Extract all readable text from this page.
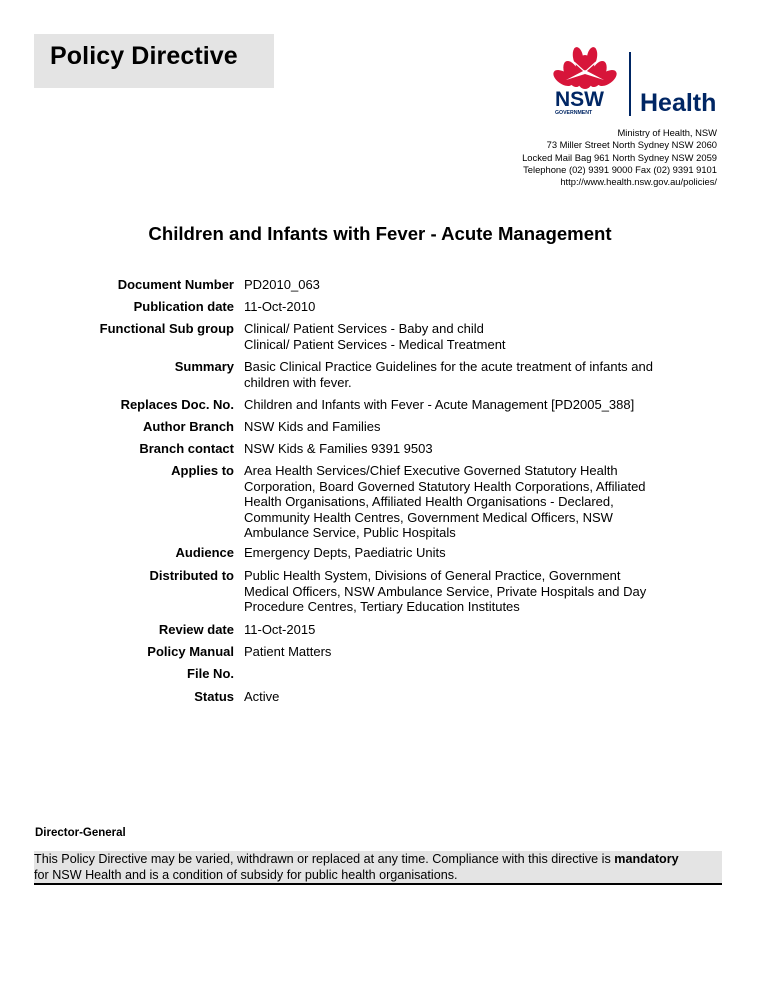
Policy Directive
NSW
GOVERNMENT Health
Ministry of Health, NSW
73 Miller Street North Sydney NSW 2060
Locked Mail Bag 961 North Sydney NSW 2059
Telephone (02) 9391 9000 Fax (02) 9391 9101
http://www.health.nsw.gov.au/policies/
Children and Infants with Fever - Acute Management
Document Number PD2010_063
Publication date 11-Oct-2010
Functional Sub group Clinical/ Patient Services - Baby and child
Clinical/ Patient Services - Medical Treatment
Summary Basic Clinical Practice Guidelines for the acute treatment of infants and
children with fever.
Replaces Doc. No. Children and Infants with Fever - Acute Management [PD2005_388]
Author Branch NSW Kids and Families
Branch contact NSW Kids & Families 9391 9503
Applies to Area Health Services/Chief Executive Governed Statutory Health
Corporation, Board Governed Statutory Health Corporations, Affiliated
Health Organisations, Affiliated Health Organisations - Declared,
Community Health Centres, Government Medical Officers, NSW
Ambulance Service, Public Hospitals
Audience Emergency Depts, Paediatric Units
Distributed to Public Health System, Divisions of General Practice, Government
Medical Officers, NSW Ambulance Service, Private Hospitals and Day
Procedure Centres, Tertiary Education Institutes
Review date 11-Oct-2015
Policy Manual Patient Matters
File No.
Status Active
Director-General

This Policy Directive may be varied, withdrawn or replaced at any time. Compliance with this directive is mandatory

for NSW Health and is a condition of subsidy for public health organisations.
